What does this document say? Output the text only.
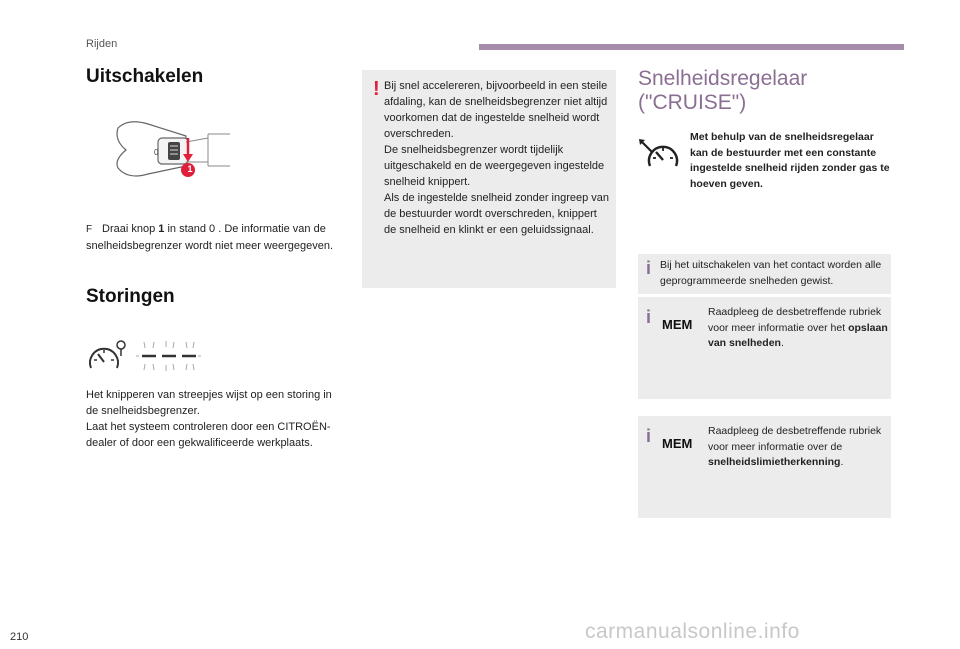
Rijden
Uitschakelen
0
1
F Draai knop 1 in stand 0 . De informatie van de snelheidsbegrenzer wordt niet meer weergegeven.
Storingen
Het knipperen van streepjes wijst op een storing in de snelheidsbegrenzer.
Laat het systeem controleren door een CITROËN-dealer of door een gekwalificeerde werkplaats.
! Bij snel accelereren, bijvoorbeeld in een steile afdaling, kan de snelheidsbegrenzer niet altijd voorkomen dat de ingestelde snelheid wordt overschreden.
De snelheidsbegrenzer wordt tijdelijk uitgeschakeld en de weergegeven ingestelde snelheid knippert.
Als de ingestelde snelheid zonder ingreep van de bestuurder wordt overschreden, knippert de snelheid en klinkt er een geluidssignaal.
Snelheidsregelaar
("CRUISE")
Met behulp van de snelheidsregelaar kan de bestuurder met een constante ingestelde snelheid rijden zonder gas te hoeven geven.
i Bij het uitschakelen van het contact worden alle geprogrammeerde snelheden gewist.
i MEM
Raadpleeg de desbetreffende rubriek voor meer informatie over het opslaan van snelheden.
i MEM
Raadpleeg de desbetreffende rubriek voor meer informatie over de snelheidslimietherkenning.
210	carmanualsonline.info
